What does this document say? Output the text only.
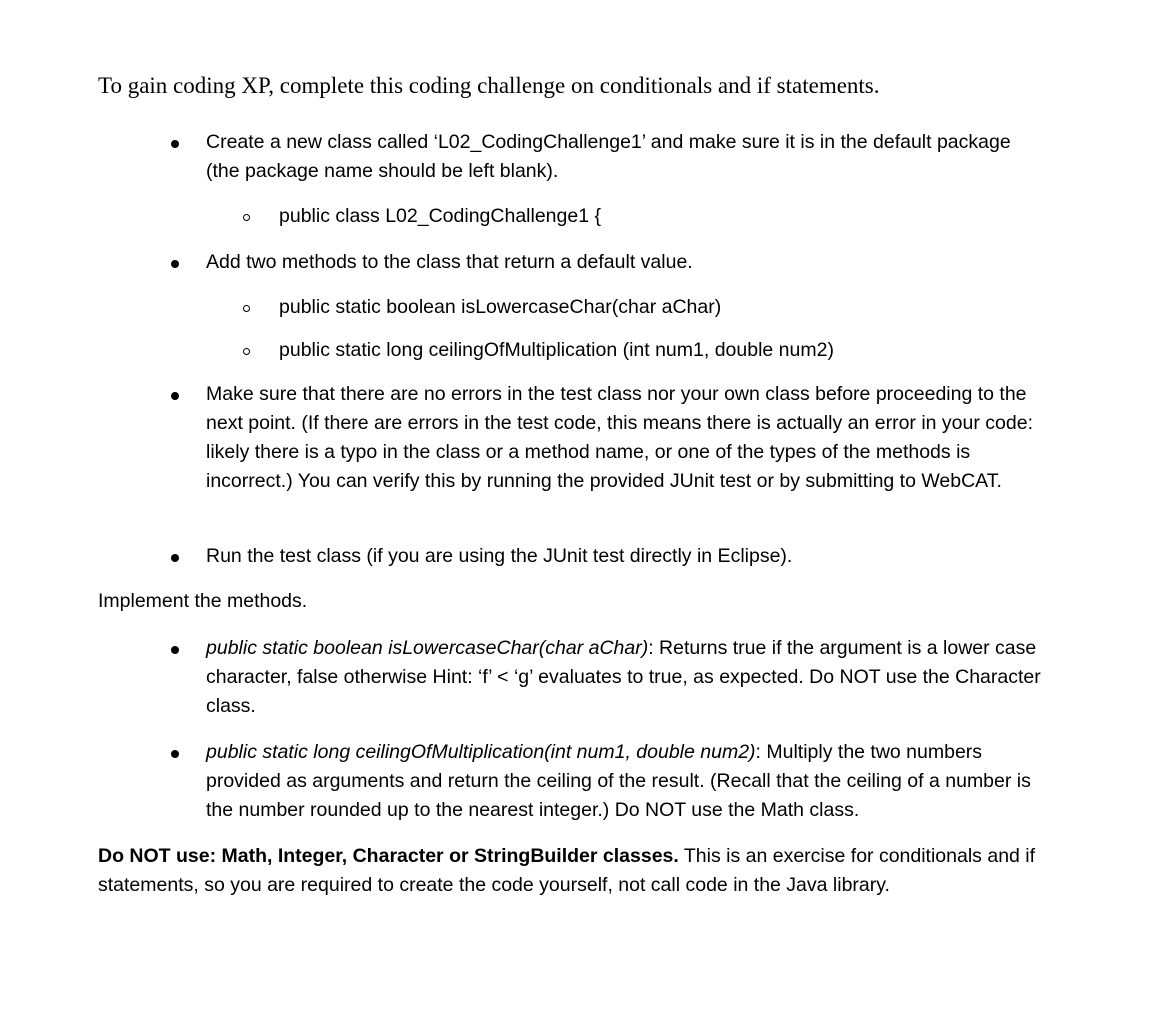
To gain coding XP, complete this coding challenge on conditionals and if statements.
Create a new class called ‘L02_CodingChallenge1’ and make sure it is in the default package (the package name should be left blank).
public class L02_CodingChallenge1 {
Add two methods to the class that return a default value.
public static boolean isLowercaseChar(char aChar)
public static long ceilingOfMultiplication (int num1, double num2)
Make sure that there are no errors in the test class nor your own class before proceeding to the next point. (If there are errors in the test code, this means there is actually an error in your code: likely there is a typo in the class or a method name, or one of the types of the methods is incorrect.) You can verify this by running the provided JUnit test or by submitting to WebCAT.
Run the test class (if you are using the JUnit test directly in Eclipse).
Implement the methods.
public static boolean isLowercaseChar(char aChar): Returns true if the argument is a lower case character, false otherwise Hint: ‘f’ < ‘g’ evaluates to true, as expected. Do NOT use the Character class.
public static long ceilingOfMultiplication(int num1, double num2): Multiply the two numbers provided as arguments and return the ceiling of the result. (Recall that the ceiling of a number is the number rounded up to the nearest integer.) Do NOT use the Math class.
Do NOT use: Math, Integer, Character or StringBuilder classes. This is an exercise for conditionals and if statements, so you are required to create the code yourself, not call code in the Java library.
